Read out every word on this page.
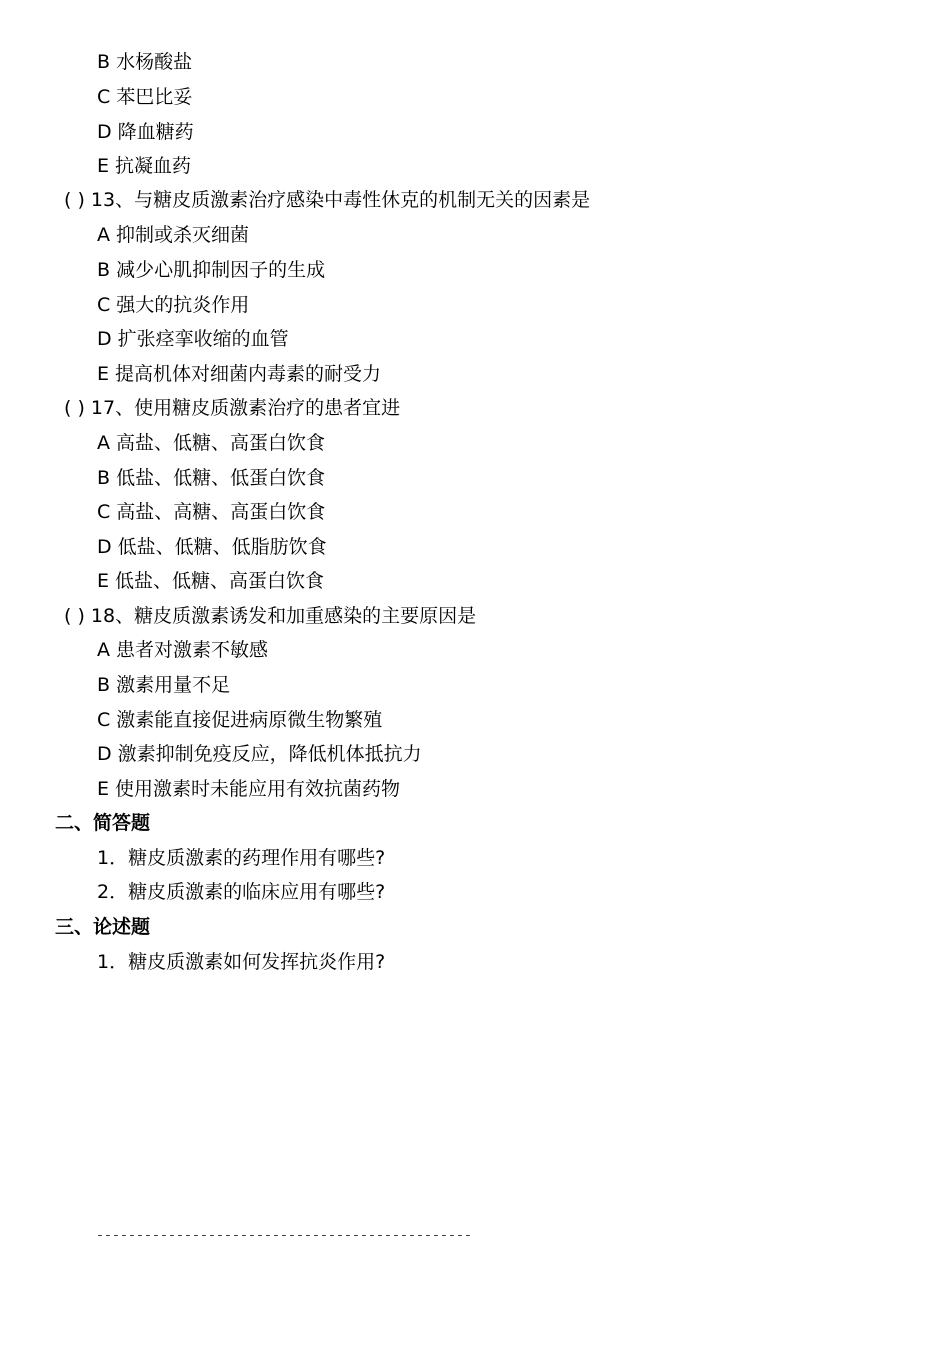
B 水杨酸盐
C 苯巴比妥
D 降血糖药
E 抗凝血药
( ) 13、与糖皮质激素治疗感染中毒性休克的机制无关的因素是
A 抑制或杀灭细菌
B 减少心肌抑制因子的生成
C 强大的抗炎作用
D 扩张痉挛收缩的血管
E 提高机体对细菌内毒素的耐受力
( ) 17、使用糖皮质激素治疗的患者宜进
A 高盐、低糖、高蛋白饮食
B 低盐、低糖、低蛋白饮食
C 高盐、高糖、高蛋白饮食
D 低盐、低糖、低脂肪饮食
E 低盐、低糖、高蛋白饮食
( ) 18、糖皮质激素诱发和加重感染的主要原因是
A 患者对激素不敏感
B 激素用量不足
C 激素能直接促进病原微生物繁殖
D 激素抑制免疫反应，降低机体抵抗力
E 使用激素时未能应用有效抗菌药物
二、简答题
1．糖皮质激素的药理作用有哪些?
2．糖皮质激素的临床应用有哪些?
三、论述题
1．糖皮质激素如何发挥抗炎作用?
-----------------------------------------------
